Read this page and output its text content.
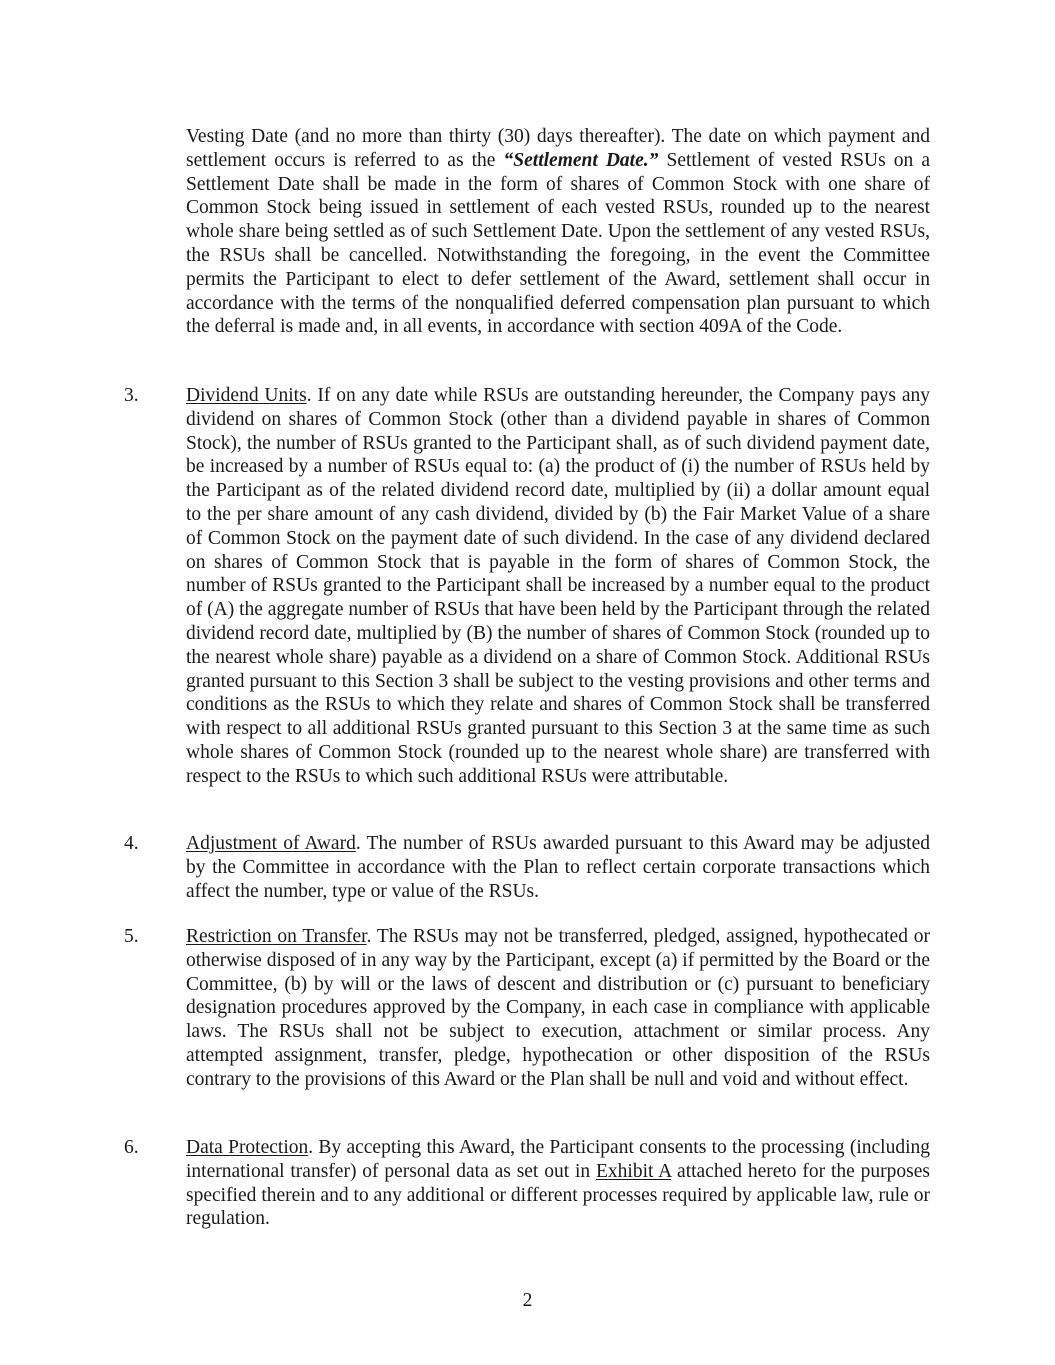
Vesting Date (and no more than thirty (30) days thereafter). The date on which payment and settlement occurs is referred to as the “Settlement Date.” Settlement of vested RSUs on a Settlement Date shall be made in the form of shares of Common Stock with one share of Common Stock being issued in settlement of each vested RSUs, rounded up to the nearest whole share being settled as of such Settlement Date. Upon the settlement of any vested RSUs, the RSUs shall be cancelled. Notwithstanding the foregoing, in the event the Committee permits the Participant to elect to defer settlement of the Award, settlement shall occur in accordance with the terms of the nonqualified deferred compensation plan pursuant to which the deferral is made and, in all events, in accordance with section 409A of the Code.

3. Dividend Units. If on any date while RSUs are outstanding hereunder, the Company pays any dividend on shares of Common Stock (other than a dividend payable in shares of Common Stock), the number of RSUs granted to the Participant shall, as of such dividend payment date, be increased by a number of RSUs equal to: (a) the product of (i) the number of RSUs held by the Participant as of the related dividend record date, multiplied by (ii) a dollar amount equal to the per share amount of any cash dividend, divided by (b) the Fair Market Value of a share of Common Stock on the payment date of such dividend. In the case of any dividend declared on shares of Common Stock that is payable in the form of shares of Common Stock, the number of RSUs granted to the Participant shall be increased by a number equal to the product of (A) the aggregate number of RSUs that have been held by the Participant through the related dividend record date, multiplied by (B) the number of shares of Common Stock (rounded up to the nearest whole share) payable as a dividend on a share of Common Stock. Additional RSUs granted pursuant to this Section 3 shall be subject to the vesting provisions and other terms and conditions as the RSUs to which they relate and shares of Common Stock shall be transferred with respect to all additional RSUs granted pursuant to this Section 3 at the same time as such whole shares of Common Stock (rounded up to the nearest whole share) are transferred with respect to the RSUs to which such additional RSUs were attributable.

4. Adjustment of Award. The number of RSUs awarded pursuant to this Award may be adjusted by the Committee in accordance with the Plan to reflect certain corporate transactions which affect the number, type or value of the RSUs.

5. Restriction on Transfer. The RSUs may not be transferred, pledged, assigned, hypothecated or otherwise disposed of in any way by the Participant, except (a) if permitted by the Board or the Committee, (b) by will or the laws of descent and distribution or (c) pursuant to beneficiary designation procedures approved by the Company, in each case in compliance with applicable laws. The RSUs shall not be subject to execution, attachment or similar process. Any attempted assignment, transfer, pledge, hypothecation or other disposition of the RSUs contrary to the provisions of this Award or the Plan shall be null and void and without effect.

6. Data Protection. By accepting this Award, the Participant consents to the processing (including international transfer) of personal data as set out in Exhibit A attached hereto for the purposes specified therein and to any additional or different processes required by applicable law, rule or regulation.

2
